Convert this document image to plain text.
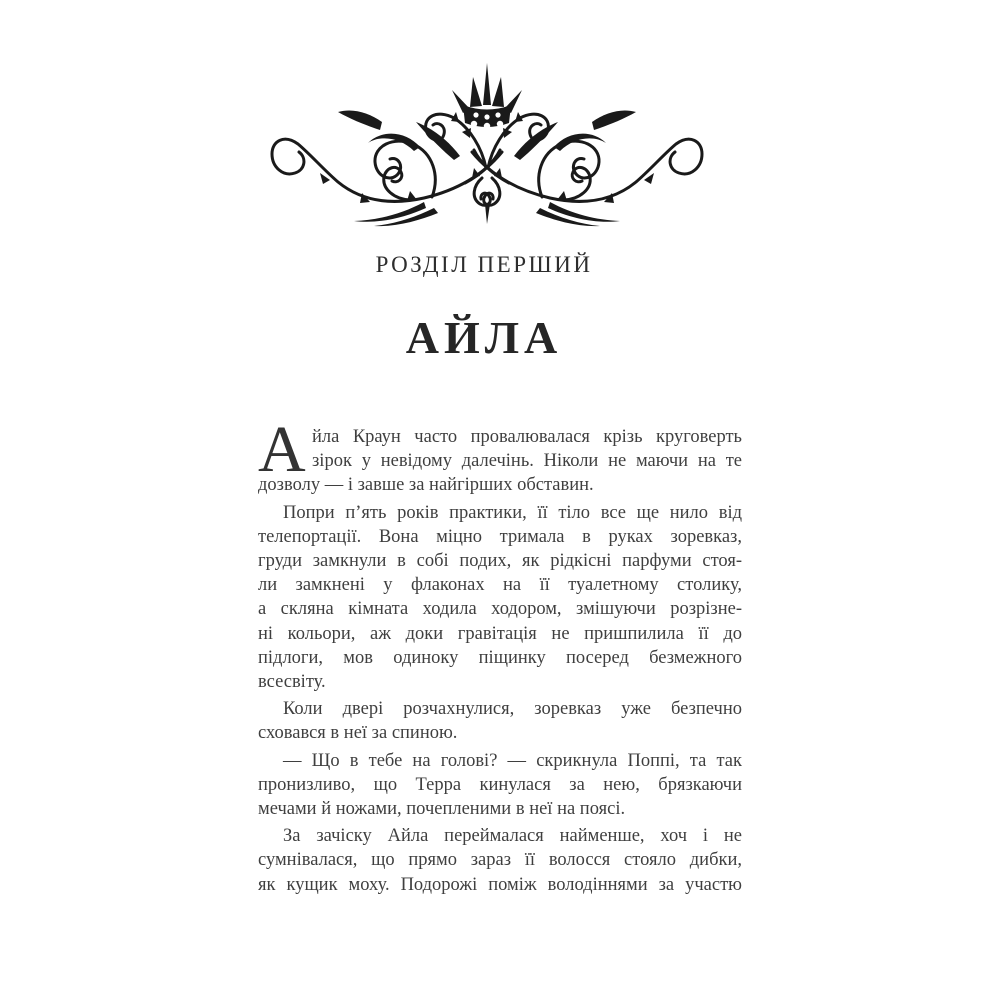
РОЗДІЛ ПЕРШИЙ
АЙЛА
А йла Краун часто провалювалася крізь круговерть
зірок у невідому далечінь. Ніколи не маючи на те
дозволу — і завше за найгірших обставин.
Попри п’ять років практики, її тіло все ще нило від
телепортації. Вона міцно тримала в руках зоревказ,
груди замкнули в собі подих, як рідкісні парфуми стоя-
ли замкнені у флаконах на її туалетному столику,
а скляна кімната ходила ходором, змішуючи розрізне-
ні кольори, аж доки гравітація не пришпилила її до
підлоги, мов одиноку піщинку посеред безмежного
всесвіту.
Коли двері розчахнулися, зоревказ уже безпечно
сховався в неї за спиною.
— Що в тебе на голові? — скрикнула Поппі, та так
пронизливо, що Терра кинулася за нею, брязкаючи
мечами й ножами, почепленими в неї на поясі.
За зачіску Айла переймалася найменше, хоч і не
сумнівалася, що прямо зараз її волосся стояло дибки,
як кущик моху. Подорожі поміж володіннями за участю
